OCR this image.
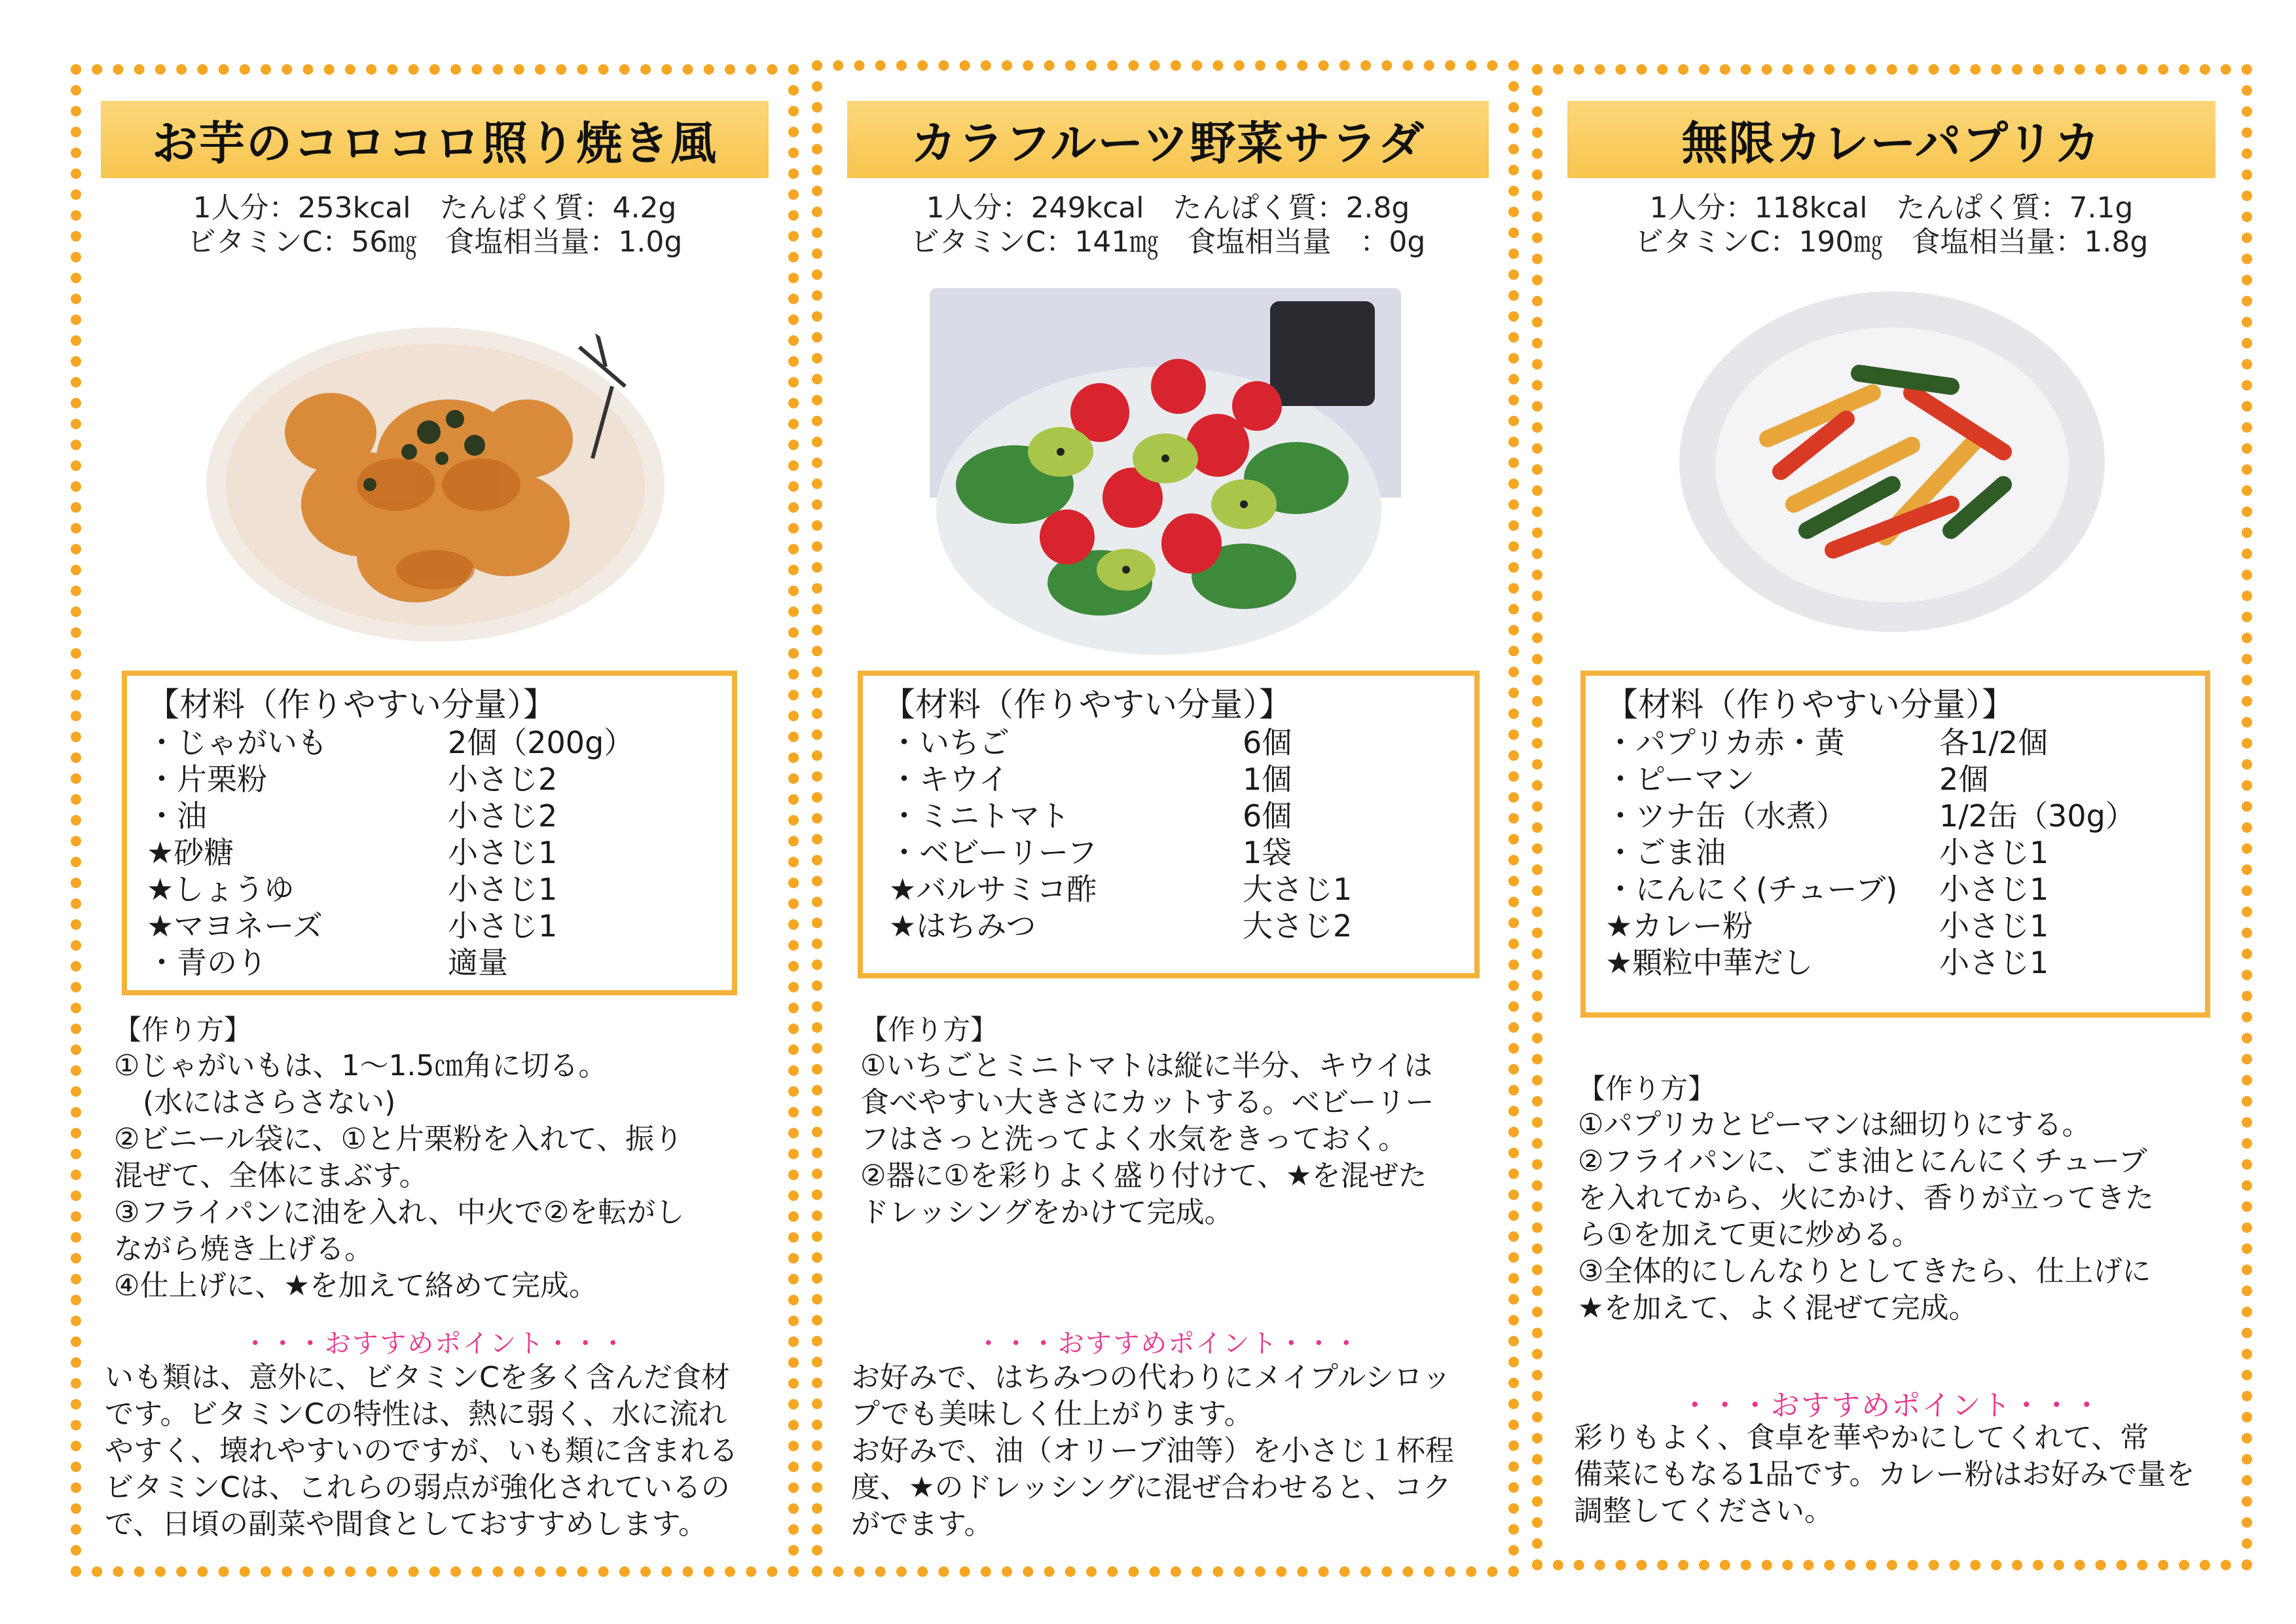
お芋のコロコロ照り焼き風
1人分：253kcal　たんぱく質：4.2g
ビタミンC：56㎎　食塩相当量：1.0g
【材料（作りやすい分量）】
・じゃがいも	2個（200g）
・片栗粉	小さじ2
・油	小さじ2
★砂糖	小さじ1
★しょうゆ	小さじ1
★マヨネーズ	小さじ1
・青のり	適量
【作り方】
①じゃがいもは、1～1.5㎝角に切る。
　(水にはさらさない)
②ビニール袋に、①と片栗粉を入れて、振り
混ぜて、全体にまぶす。
③フライパンに油を入れ、中火で②を転がし
ながら焼き上げる。
④仕上げに、★を加えて絡めて完成。
・・・おすすめポイント・・・
いも類は、意外に、ビタミンCを多く含んだ食材
です。ビタミンCの特性は、熱に弱く、水に流れ
やすく、壊れやすいのですが、いも類に含まれる
ビタミンCは、これらの弱点が強化されているの
で、日頃の副菜や間食としておすすめします。
カラフルーツ野菜サラダ
1人分：249kcal　たんぱく質：2.8g
ビタミンC：141㎎　食塩相当量　：0g
【材料（作りやすい分量）】
・いちご	6個
・キウイ	1個
・ミニトマト	6個
・ベビーリーフ	1袋
★バルサミコ酢	大さじ1
★はちみつ	大さじ2
【作り方】
①いちごとミニトマトは縦に半分、キウイは
食べやすい大きさにカットする。ベビーリー
フはさっと洗ってよく水気をきっておく。
②器に①を彩りよく盛り付けて、★を混ぜた
ドレッシングをかけて完成。
・・・おすすめポイント・・・
お好みで、はちみつの代わりにメイプルシロッ
プでも美味しく仕上がります。
お好みで、油（オリーブ油等）を小さじ１杯程
度、★のドレッシングに混ぜ合わせると、コク
がでます。
無限カレーパプリカ
1人分：118kcal　たんぱく質：7.1g
ビタミンC：190㎎　食塩相当量：1.8g
【材料（作りやすい分量）】
・パプリカ赤・黄	各1/2個
・ピーマン	2個
・ツナ缶（水煮）	1/2缶（30g）
・ごま油	小さじ1
・にんにく(チューブ)	小さじ1
★カレー粉	小さじ1
★顆粒中華だし	小さじ1
【作り方】
①パプリカとピーマンは細切りにする。
②フライパンに、ごま油とにんにくチューブ
を入れてから、火にかけ、香りが立ってきた
ら①を加えて更に炒める。
③全体的にしんなりとしてきたら、仕上げに
★を加えて、よく混ぜて完成。
・・・おすすめポイント・・・
彩りもよく、食卓を華やかにしてくれて、常
備菜にもなる1品です。カレー粉はお好みで量を
調整してください。
